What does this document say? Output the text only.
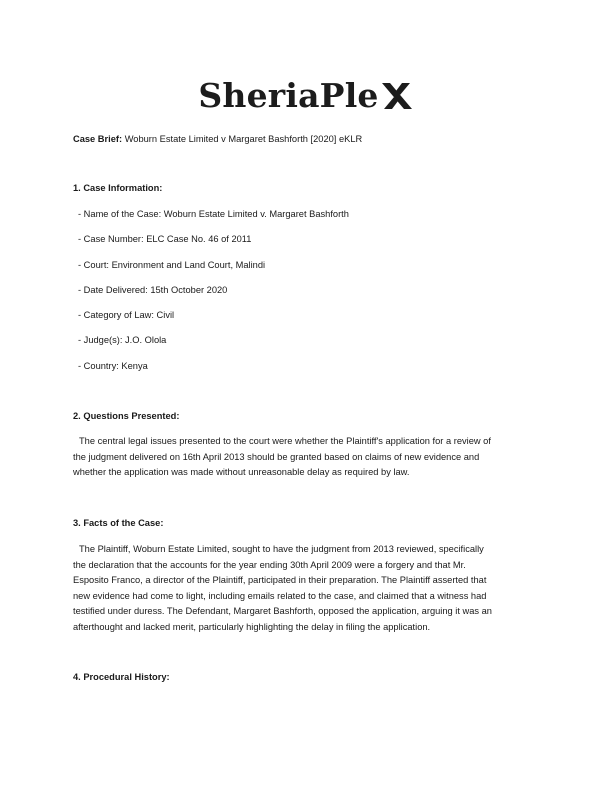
SheriaPle
Case Brief: Woburn Estate Limited v Margaret Bashforth [2020] eKLR
1. Case Information:
- Name of the Case: Woburn Estate Limited v. Margaret Bashforth
- Case Number: ELC Case No. 46 of 2011
- Court: Environment and Land Court, Malindi
- Date Delivered: 15th October 2020
- Category of Law: Civil
- Judge(s): J.O. Olola
- Country: Kenya
2. Questions Presented:
The central legal issues presented to the court were whether the Plaintiff's application for a review of
the judgment delivered on 16th April 2013 should be granted based on claims of new evidence and
whether the application was made without unreasonable delay as required by law.
3. Facts of the Case:
The Plaintiff, Woburn Estate Limited, sought to have the judgment from 2013 reviewed, specifically
the declaration that the accounts for the year ending 30th April 2009 were a forgery and that Mr.
Esposito Franco, a director of the Plaintiff, participated in their preparation. The Plaintiff asserted that
new evidence had come to light, including emails related to the case, and claimed that a witness had
testified under duress. The Defendant, Margaret Bashforth, opposed the application, arguing it was an
afterthought and lacked merit, particularly highlighting the delay in filing the application.
4. Procedural History:
